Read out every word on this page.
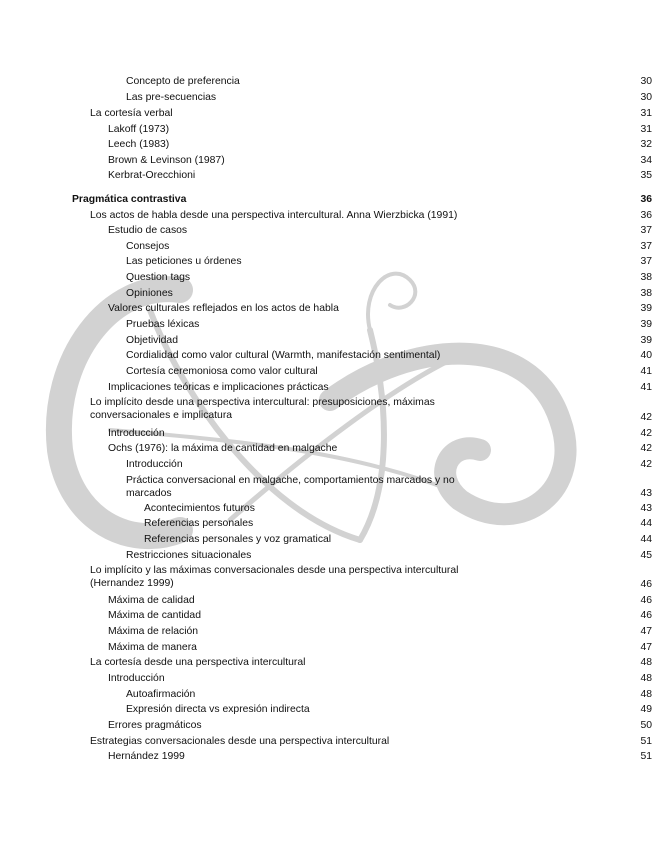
Concepto de preferencia	30
Las pre-secuencias	30
La cortesía verbal	31
Lakoff (1973)	31
Leech (1983)	32
Brown & Levinson (1987)	34
Kerbrat-Orecchioni	35
Pragmática contrastiva	36
Los actos de habla desde una perspectiva intercultural. Anna Wierzbicka (1991)	36
Estudio de casos	37
Consejos	37
Las peticiones u órdenes	37
Question tags	38
Opiniones	38
Valores culturales reflejados en los actos de habla	39
Pruebas léxicas	39
Objetividad	39
Cordialidad como valor cultural (Warmth, manifestación sentimental)	40
Cortesía ceremoniosa como valor cultural	41
Implicaciones teóricas e implicaciones prácticas	41
Lo implícito desde una perspectiva intercultural: presuposiciones, máximas conversacionales e implicatura	42
Introducción	42
Ochs (1976): la máxima de cantidad en malgache	42
Introducción	42
Práctica conversacional en malgache, comportamientos marcados y no marcados	43
Acontecimientos futuros	43
Referencias personales	44
Referencias personales y voz gramatical	44
Restricciones situacionales	45
Lo implícito y las máximas conversacionales desde una perspectiva intercultural (Hernandez 1999)	46
Máxima de calidad	46
Máxima de cantidad	46
Máxima de relación	47
Máxima de manera	47
La cortesía desde una perspectiva intercultural	48
Introducción	48
Autoafirmación	48
Expresión directa vs expresión indirecta	49
Errores pragmáticos	50
Estrategias conversacionales desde una perspectiva intercultural	51
Hernández 1999	51
